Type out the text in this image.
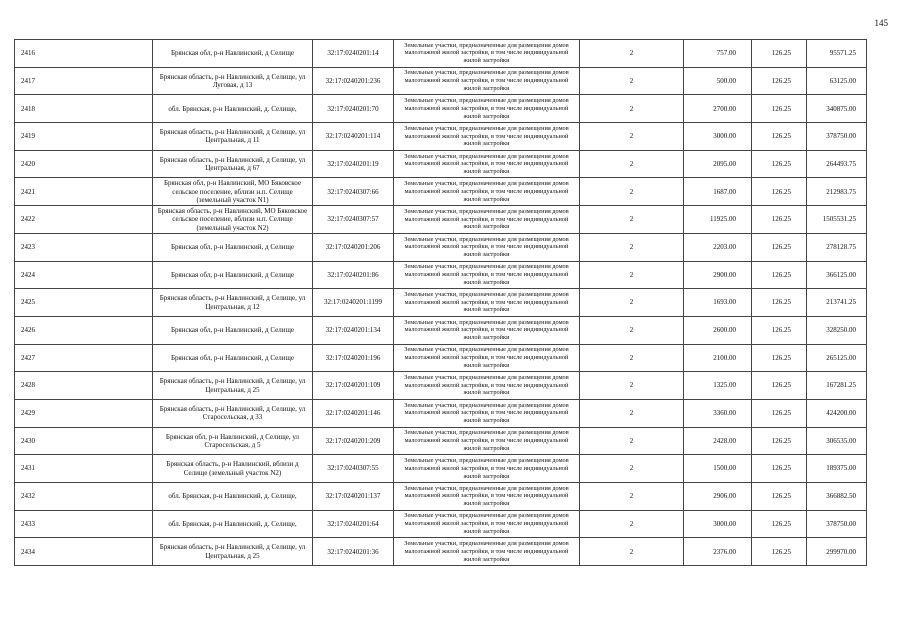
145
2416	Брянская обл, р-н Навлинский, д Селище	32:17:0240201:14	Земельные участки, предназначенные для размещения домов малоэтажной жилой застройки, в том числе индивидуальной жилой застройки	2	757.00	126.25	95571.25
2417	Брянская область, р-н Навлинский, д Селище, ул Луговая, д 13	32:17:0240201:236	Земельные участки, предназначенные для размещения домов малоэтажной жилой застройки, в том числе индивидуальной жилой застройки	2	500.00	126.25	63125.00
2418	обл. Брянская, р-н Навлинский, д. Селище,	32:17:0240201:70	Земельные участки, предназначенные для размещения домов малоэтажной жилой застройки, в том числе индивидуальной жилой застройки	2	2700.00	126.25	340875.00
2419	Брянская область, р-н Навлинский, д Селище, ул Центральная, д 11	32:17:0240201:114	Земельные участки, предназначенные для размещения домов малоэтажной жилой застройки, в том числе индивидуальной жилой застройки	2	3000.00	126.25	378750.00
2420	Брянская область, р-н Навлинский, д Селище, ул Центральная, д 67	32:17:0240201:19	Земельные участки, предназначенные для размещения домов малоэтажной жилой застройки, в том числе индивидуальной жилой застройки	2	2095.00	126.25	264493.75
2421	Брянская обл, р-н Навлинский, МО Бяковское сельское поселение, вблизи н.п. Селище (земельный участок N1)	32:17:0240307:66	Земельные участки, предназначенные для размещения домов малоэтажной жилой застройки, в том числе индивидуальной жилой застройки	2	1687.00	126.25	212983.75
2422	Брянская область, р-н Навлинский, МО Бяковское сельское поселение, вблизи н.п. Селище (земельный участок N2)	32:17:0240307:57	Земельные участки, предназначенные для размещения домов малоэтажной жилой застройки, в том числе индивидуальной жилой застройки	2	11925.00	126.25	1505531.25
2423	Брянская обл, р-н Навлинский, д Селище	32:17:0240201:206	Земельные участки, предназначенные для размещения домов малоэтажной жилой застройки, в том числе индивидуальной жилой застройки	2	2203.00	126.25	278128.75
2424	Брянская обл, р-н Навлинский, д Селище	32:17:0240201:86	Земельные участки, предназначенные для размещения домов малоэтажной жилой застройки, в том числе индивидуальной жилой застройки	2	2900.00	126.25	366125.00
2425	Брянская область, р-н Навлинский, д Селище, ул Центральная, д 12	32:17:0240201:1199	Земельные участки, предназначенные для размещения домов малоэтажной жилой застройки, в том числе индивидуальной жилой застройки	2	1693.00	126.25	213741.25
2426	Брянская обл, р-н Навлинский, д Селище	32:17:0240201:134	Земельные участки, предназначенные для размещения домов малоэтажной жилой застройки, в том числе индивидуальной жилой застройки	2	2600.00	126.25	328250.00
2427	Брянская обл, р-н Навлинский, д Селище	32:17:0240201:196	Земельные участки, предназначенные для размещения домов малоэтажной жилой застройки, в том числе индивидуальной жилой застройки	2	2100.00	126.25	265125.00
2428	Брянская область, р-н Навлинский, д Селище, ул Центральная, д 25	32:17:0240201:109	Земельные участки, предназначенные для размещения домов малоэтажной жилой застройки, в том числе индивидуальной жилой застройки	2	1325.00	126.25	167281.25
2429	Брянская область, р-н Навлинский, д Селище, ул Старосельская, д 33	32:17:0240201:146	Земельные участки, предназначенные для размещения домов малоэтажной жилой застройки, в том числе индивидуальной жилой застройки	2	3360.00	126.25	424200.00
2430	Брянская обл, р-н Навлинский, д Селище, ул Старосельская, д 5	32:17:0240201:209	Земельные участки, предназначенные для размещения домов малоэтажной жилой застройки, в том числе индивидуальной жилой застройки	2	2428.00	126.25	306535.00
2431	Брянская область, р-н Навлинский, вблизи д Селище (земельный участок N2)	32:17:0240307:55	Земельные участки, предназначенные для размещения домов малоэтажной жилой застройки, в том числе индивидуальной жилой застройки	2	1500.00	126.25	189375.00
2432	обл. Брянская, р-н Навлинский, д. Селище,	32:17:0240201:137	Земельные участки, предназначенные для размещения домов малоэтажной жилой застройки, в том числе индивидуальной жилой застройки	2	2906.00	126.25	366882.50
2433	обл. Брянская, р-н Навлинский, д. Селище,	32:17:0240201:64	Земельные участки, предназначенные для размещения домов малоэтажной жилой застройки, в том числе индивидуальной жилой застройки	2	3000.00	126.25	378750.00
2434	Брянская область, р-н Навлинский, д Селище, ул Центральная, д 25	32:17:0240201:36	Земельные участки, предназначенные для размещения домов малоэтажной жилой застройки, в том числе индивидуальной жилой застройки	2	2376.00	126.25	299970.00
